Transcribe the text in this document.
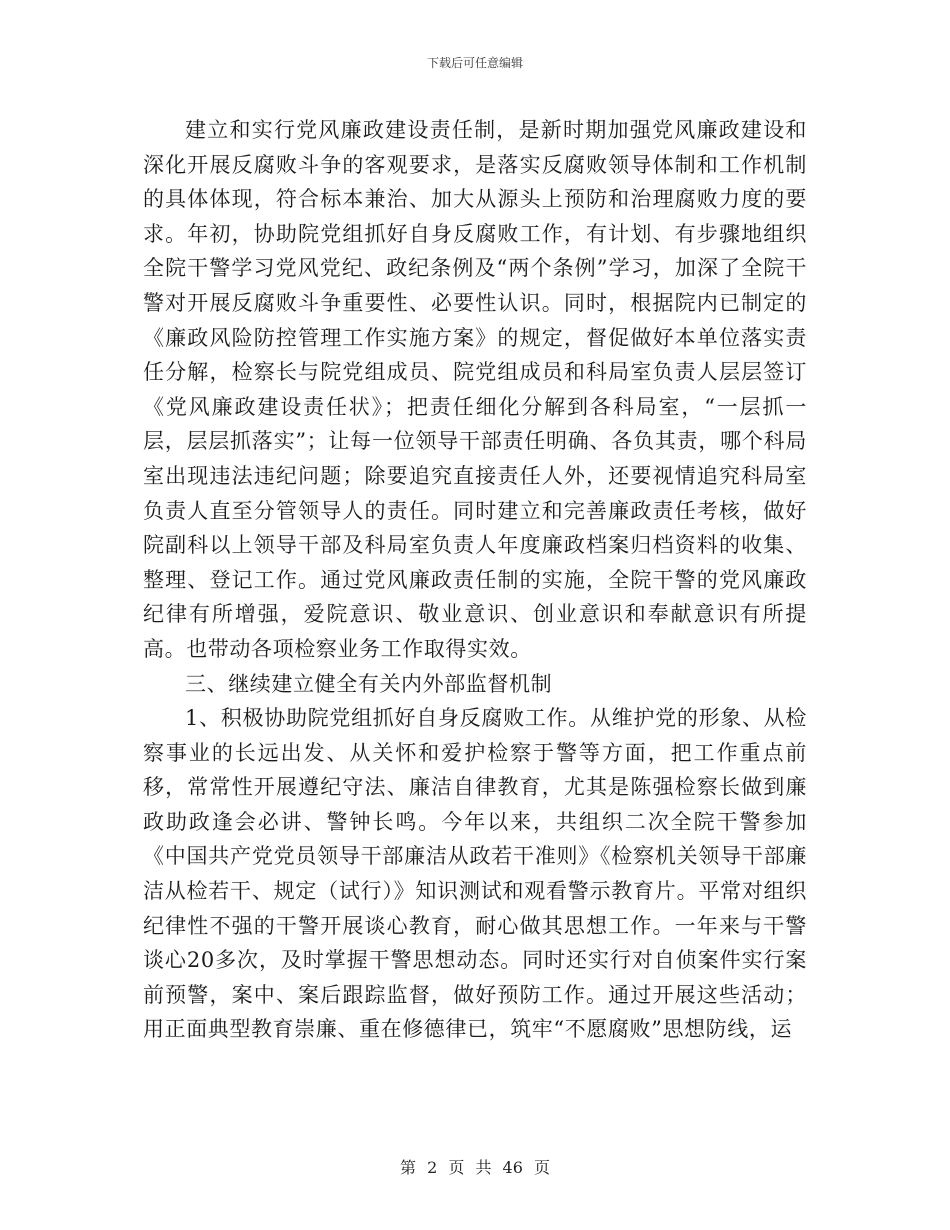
下载后可任意编辑

建立和实行党风廉政建设责任制，是新时期加强党风廉政建设和深化开展反腐败斗争的客观要求，是落实反腐败领导体制和工作机制的具体体现，符合标本兼治、加大从源头上预防和治理腐败力度的要求。年初，协助院党组抓好自身反腐败工作，有计划、有步骤地组织全院干警学习党风党纪、政纪条例及“两个条例”学习，加深了全院干警对开展反腐败斗争重要性、必要性认识。同时，根据院内已制定的《廉政风险防控管理工作实施方案》的规定，督促做好本单位落实责任分解，检察长与院党组成员、院党组成员和科局室负责人层层签订《党风廉政建设责任状》；把责任细化分解到各科局室，“一层抓一层，层层抓落实”；让每一位领导干部责任明确、各负其责，哪个科局室出现违法违纪问题；除要追究直接责任人外，还要视情追究科局室负责人直至分管领导人的责任。同时建立和完善廉政责任考核，做好院副科以上领导干部及科局室负责人年度廉政档案归档资料的收集、整理、登记工作。通过党风廉政责任制的实施，全院干警的党风廉政纪律有所增强，爱院意识、敬业意识、创业意识和奉献意识有所提高。也带动各项检察业务工作取得实效。

三、继续建立健全有关内外部监督机制

1、积极协助院党组抓好自身反腐败工作。从维护党的形象、从检察事业的长远出发、从关怀和爱护检察于警等方面，把工作重点前移，常常性开展遵纪守法、廉洁自律教育，尤其是陈强检察长做到廉政助政逢会必讲、警钟长鸣。今年以来，共组织二次全院干警参加《中国共产党党员领导干部廉洁从政若干准则》《检察机关领导干部廉洁从检若干、规定（试行）》知识测试和观看警示教育片。平常对组织纪律性不强的干警开展谈心教育，耐心做其思想工作。一年来与干警谈心20多次，及时掌握干警思想动态。同时还实行对自侦案件实行案前预警，案中、案后跟踪监督，做好预防工作。通过开展这些活动；用正面典型教育崇廉、重在修德律已，筑牢“不愿腐败”思想防线，运

第 2 页 共 46 页
